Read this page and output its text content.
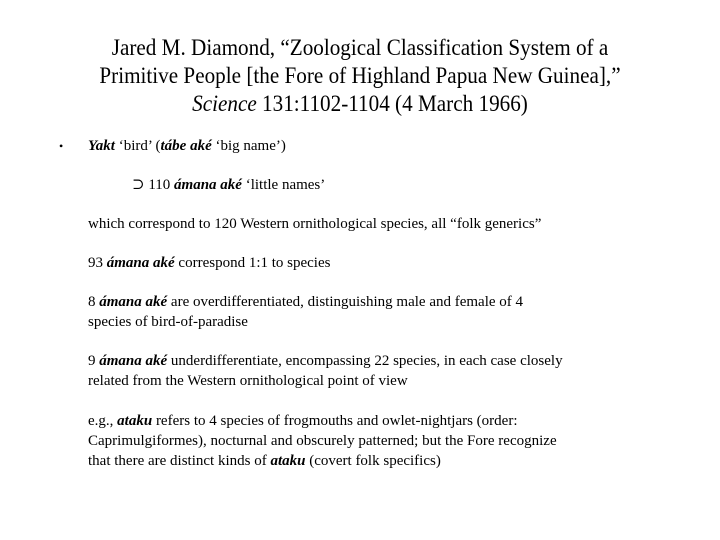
Jared M. Diamond, “Zoological Classification System of a
Primitive People [the Fore of Highland Papua New Guinea],”
Science 131:1102-1104 (4 March 1966)
• Yakt ‘bird’ (tábe aké ‘big name’)
⊃ 110 ámana aké ‘little names’
which correspond to 120 Western ornithological species, all “folk generics”
93 ámana aké correspond 1:1 to species
8 ámana aké are overdifferentiated, distinguishing male and female of 4
species of bird-of-paradise
9 ámana aké underdifferentiate, encompassing 22 species, in each case closely
related from the Western ornithological point of view
e.g., ataku refers to 4 species of frogmouths and owlet-nightjars (order:
Caprimulgiformes), nocturnal and obscurely patterned; but the Fore recognize
that there are distinct kinds of ataku (covert folk specifics)
